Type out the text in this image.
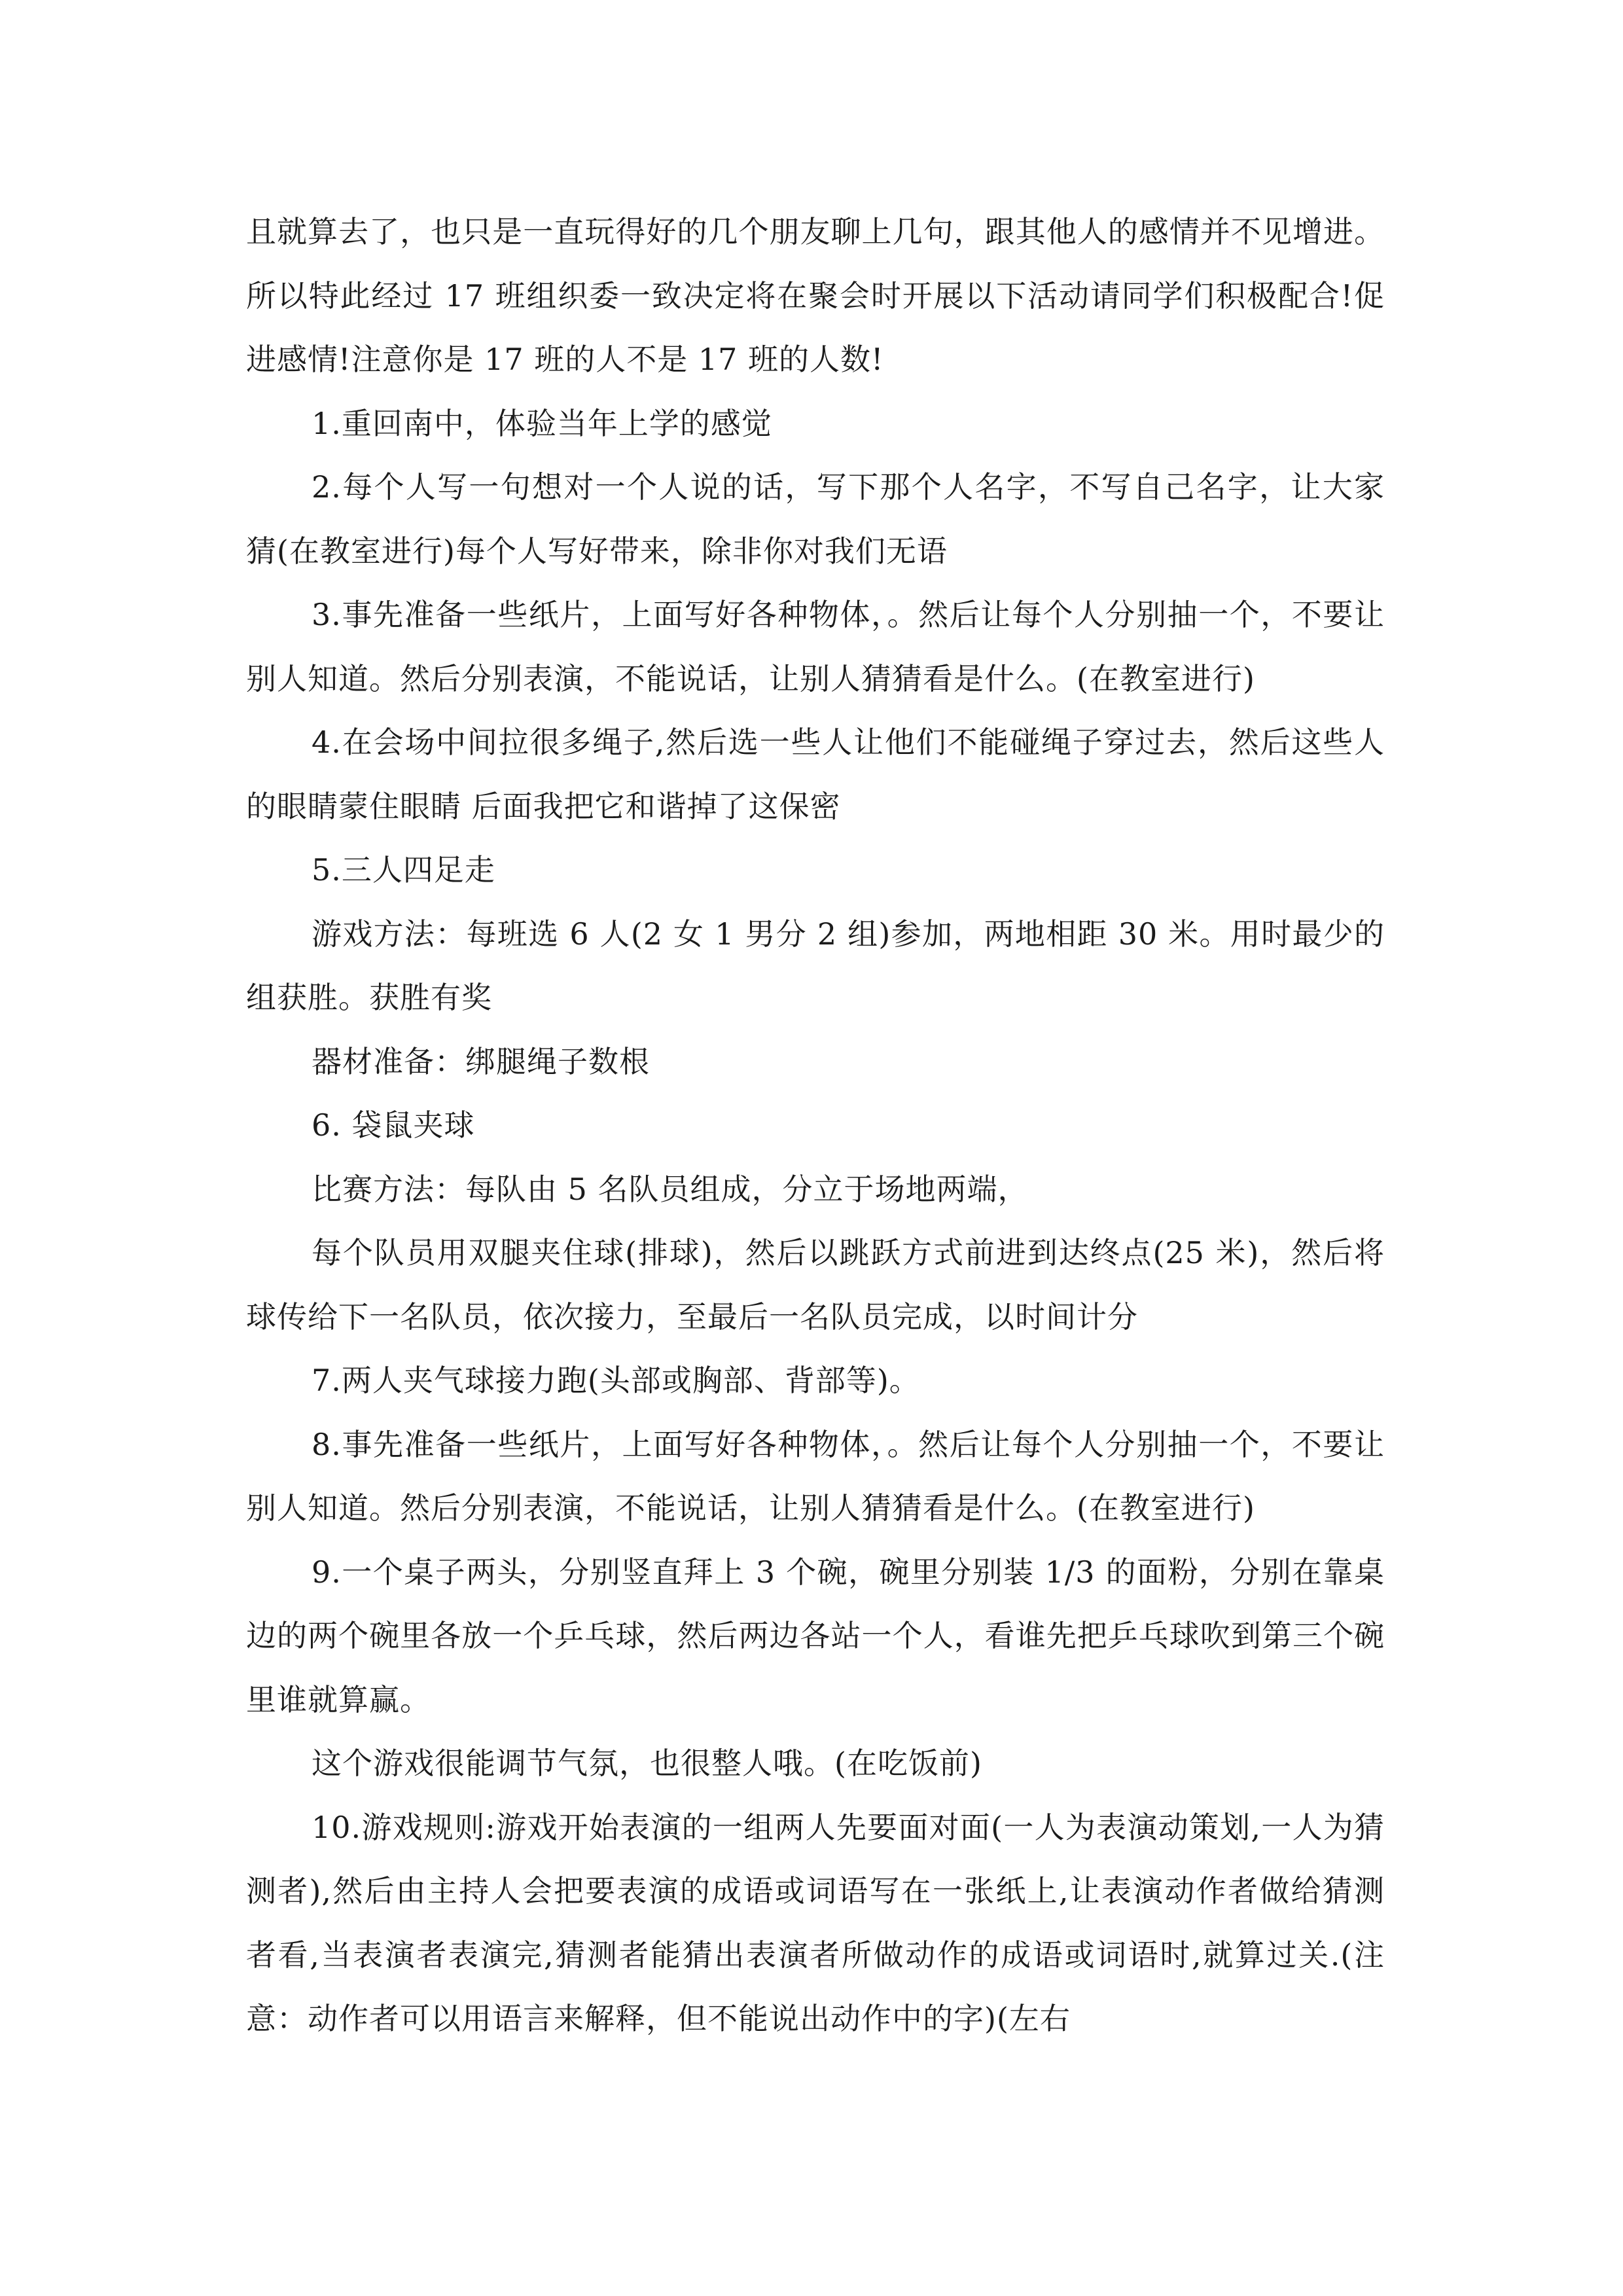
且就算去了，也只是一直玩得好的几个朋友聊上几句，跟其他人的感情并不见增进。所以特此经过 17 班组织委一致决定将在聚会时开展以下活动请同学们积极配合!促进感情!注意你是 17 班的人不是 17 班的人数!

1.重回南中，体验当年上学的感觉

2.每个人写一句想对一个人说的话，写下那个人名字，不写自己名字，让大家猜(在教室进行)每个人写好带来，除非你对我们无语

3.事先准备一些纸片，上面写好各种物体，。然后让每个人分别抽一个，不要让别人知道。然后分别表演，不能说话，让别人猜猜看是什么。(在教室进行)

4.在会场中间拉很多绳子,然后选一些人让他们不能碰绳子穿过去，然后这些人的眼睛蒙住眼睛 后面我把它和谐掉了这保密

5.三人四足走

游戏方法：每班选 6 人(2 女 1 男分 2 组)参加，两地相距 30 米。用时最少的组获胜。获胜有奖

器材准备：绑腿绳子数根

6. 袋鼠夹球

比赛方法：每队由 5 名队员组成，分立于场地两端，

每个队员用双腿夹住球(排球)，然后以跳跃方式前进到达终点(25 米)，然后将球传给下一名队员，依次接力，至最后一名队员完成，以时间计分

7.两人夹气球接力跑(头部或胸部、背部等)。

8.事先准备一些纸片，上面写好各种物体，。然后让每个人分别抽一个，不要让别人知道。然后分别表演，不能说话，让别人猜猜看是什么。(在教室进行)

9.一个桌子两头，分别竖直拜上 3 个碗，碗里分别装 1/3 的面粉，分别在靠桌边的两个碗里各放一个乒乓球，然后两边各站一个人，看谁先把乒乓球吹到第三个碗里谁就算赢。

这个游戏很能调节气氛，也很整人哦。(在吃饭前)

10.游戏规则:游戏开始表演的一组两人先要面对面(一人为表演动策划,一人为猜测者),然后由主持人会把要表演的成语或词语写在一张纸上,让表演动作者做给猜测者看,当表演者表演完,猜测者能猜出表演者所做动作的成语或词语时,就算过关.(注意：动作者可以用语言来解释，但不能说出动作中的字)(左右
